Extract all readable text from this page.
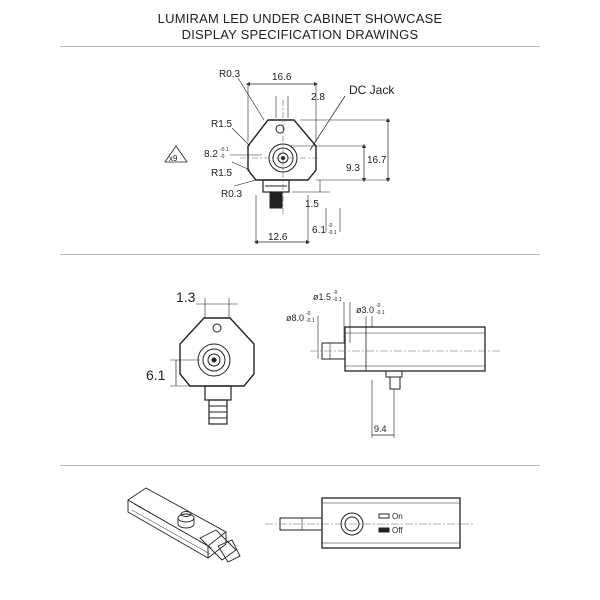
LUMIRAM LED UNDER CABINET SHOWCASE
DISPLAY SPECIFICATION DRAWINGS
R0.3	16.6
2.8
DC Jack
R1.5
x9	8.2 -0.1
-0
R1.5
R0.3
9.3
16.7
1.5
12.6
6.1 -0
-0.1
1.3
6.1
ø1.5 -0
-0.1
ø8.0 -0
-0.1
ø3.0 -0
-0.1
9.4
On
Off
